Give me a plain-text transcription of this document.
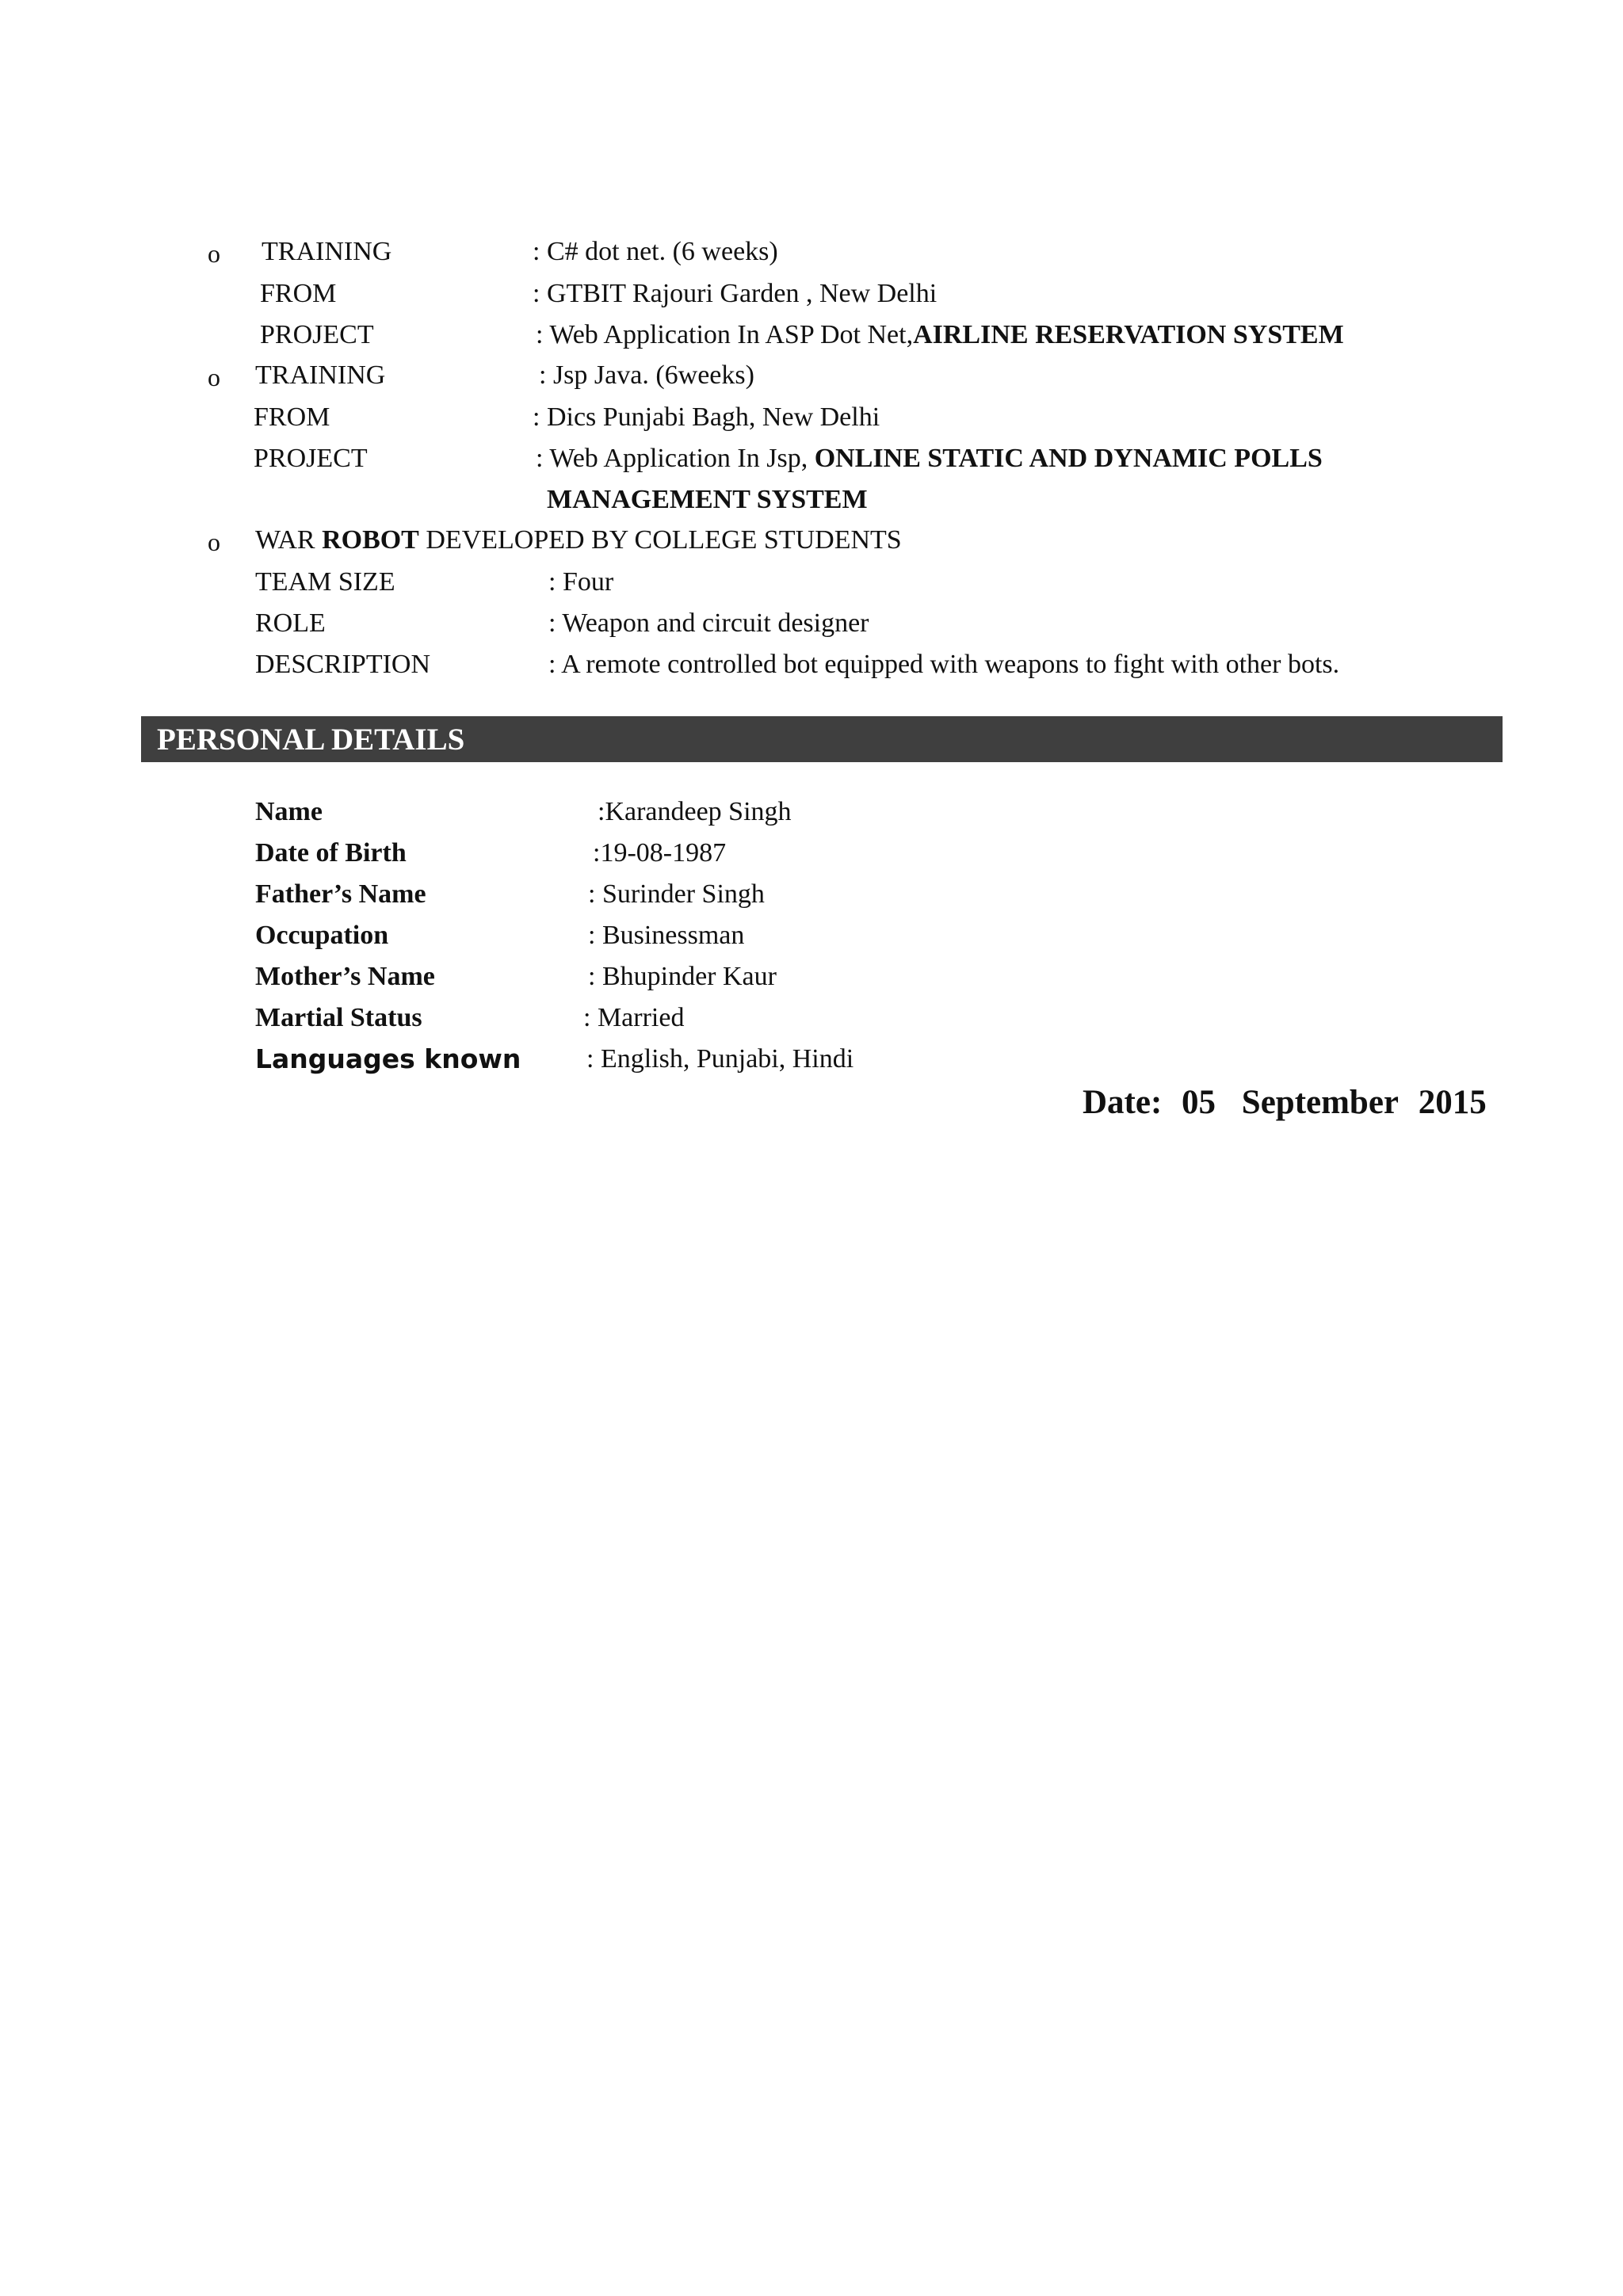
o TRAINING	: C# dot net. (6 weeks)
FROM	: GTBIT Rajouri Garden , New Delhi
PROJECT	: Web Application In ASP Dot Net,AIRLINE RESERVATION SYSTEM
o TRAINING	: Jsp Java. (6weeks)
FROM	: Dics Punjabi Bagh, New Delhi
PROJECT	: Web Application In Jsp, ONLINE STATIC AND DYNAMIC POLLS
MANAGEMENT SYSTEM
o WAR ROBOT DEVELOPED BY COLLEGE STUDENTS
TEAM SIZE	: Four
ROLE	: Weapon and circuit designer
DESCRIPTION	: A remote controlled bot equipped with weapons to fight with other bots.
PERSONAL DETAILS
Name	:Karandeep Singh
Date of Birth	:19-08-1987
Father’s Name	: Surinder Singh
Occupation	: Businessman
Mother’s Name	: Bhupinder Kaur
Martial Status	: Married
Languages known : English, Punjabi, Hindi
Date: 05 September 2015
